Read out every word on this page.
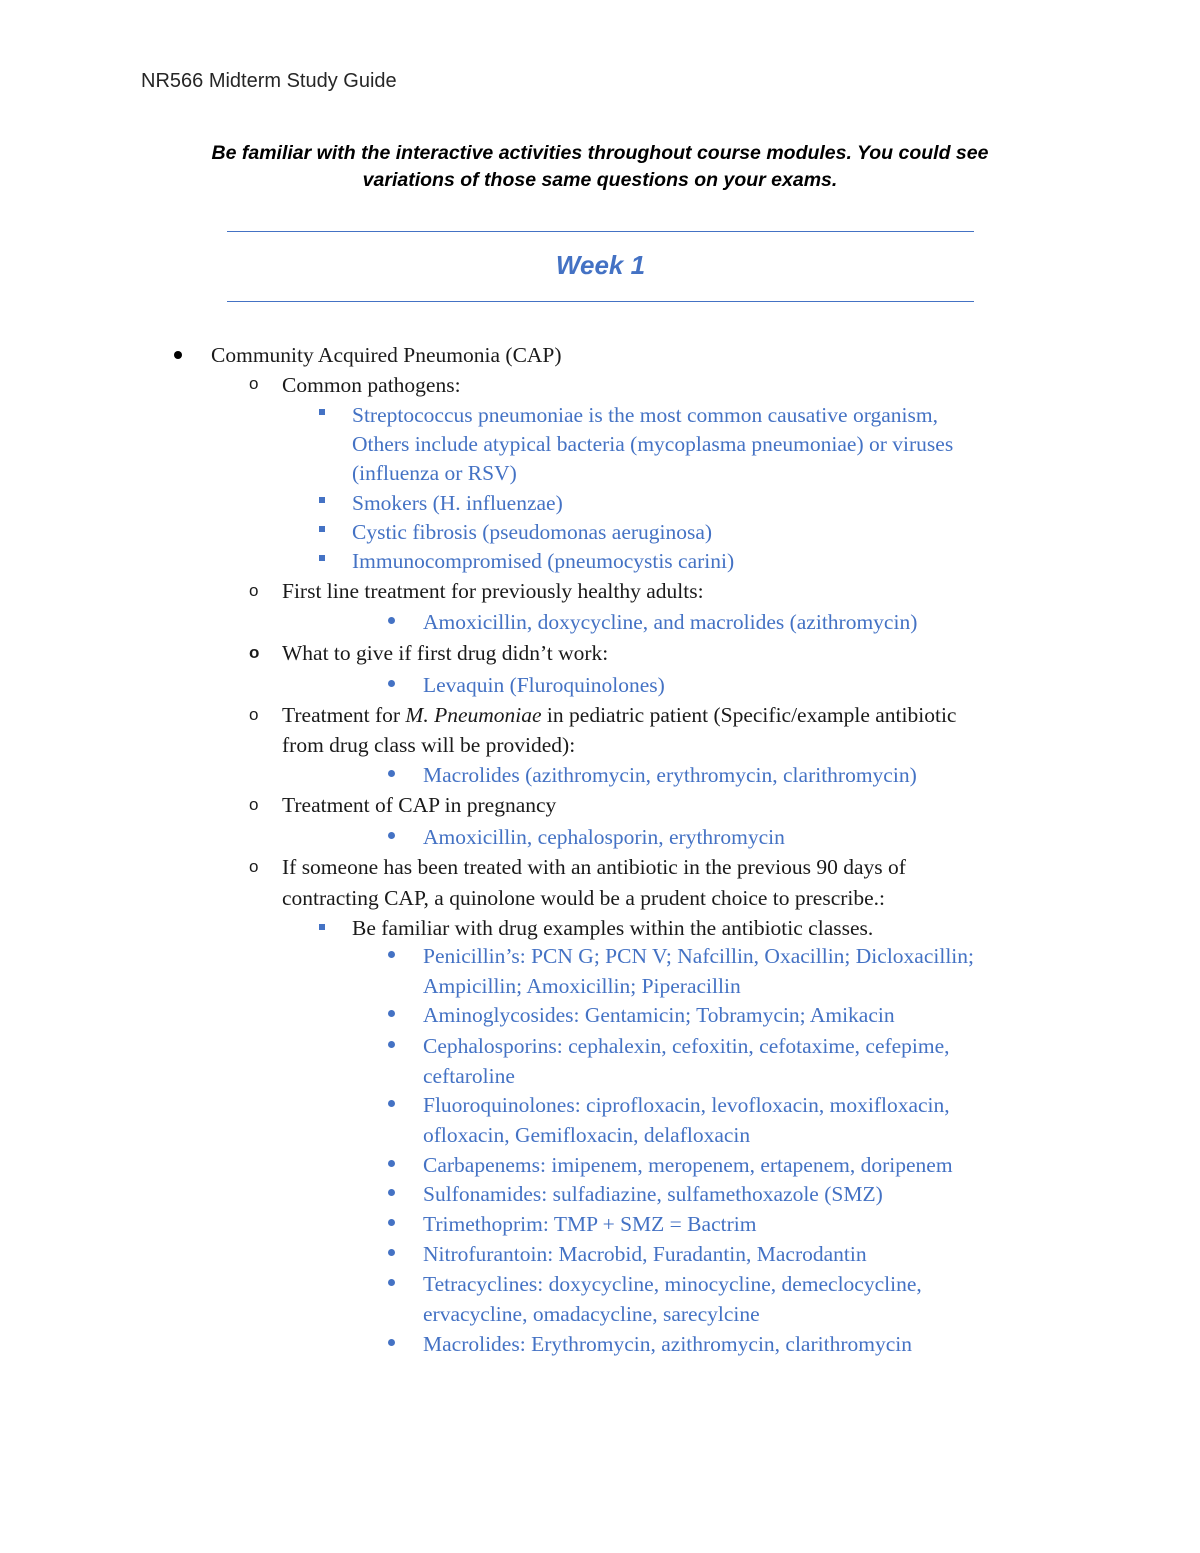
NR566 Midterm Study Guide
Be familiar with the interactive activities throughout course modules. You could see
variations of those same questions on your exams.
Week 1
Community Acquired Pneumonia (CAP)
o Common pathogens:
Streptococcus pneumoniae is the most common causative organism,
Others include atypical bacteria (mycoplasma pneumoniae) or viruses
(influenza or RSV)
Smokers (H. influenzae)
Cystic fibrosis (pseudomonas aeruginosa)
Immunocompromised (pneumocystis carini)
o First line treatment for previously healthy adults:
Amoxicillin, doxycycline, and macrolides (azithromycin)
o What to give if first drug didn’t work:
Levaquin (Fluroquinolones)
o Treatment for M. Pneumoniae in pediatric patient (Specific/example antibiotic
from drug class will be provided):
Macrolides (azithromycin, erythromycin, clarithromycin)
o Treatment of CAP in pregnancy
Amoxicillin, cephalosporin, erythromycin
o If someone has been treated with an antibiotic in the previous 90 days of
contracting CAP, a quinolone would be a prudent choice to prescribe.:
Be familiar with drug examples within the antibiotic classes.
Penicillin’s: PCN G; PCN V; Nafcillin, Oxacillin; Dicloxacillin;
Ampicillin; Amoxicillin; Piperacillin
Aminoglycosides: Gentamicin; Tobramycin; Amikacin
Cephalosporins: cephalexin, cefoxitin, cefotaxime, cefepime,
ceftaroline
Fluoroquinolones: ciprofloxacin, levofloxacin, moxifloxacin,
ofloxacin, Gemifloxacin, delafloxacin
Carbapenems: imipenem, meropenem, ertapenem, doripenem
Sulfonamides: sulfadiazine, sulfamethoxazole (SMZ)
Trimethoprim: TMP + SMZ = Bactrim
Nitrofurantoin: Macrobid, Furadantin, Macrodantin
Tetracyclines: doxycycline, minocycline, demeclocycline,
ervacycline, omadacycline, sarecylcine
Macrolides: Erythromycin, azithromycin, clarithromycin
